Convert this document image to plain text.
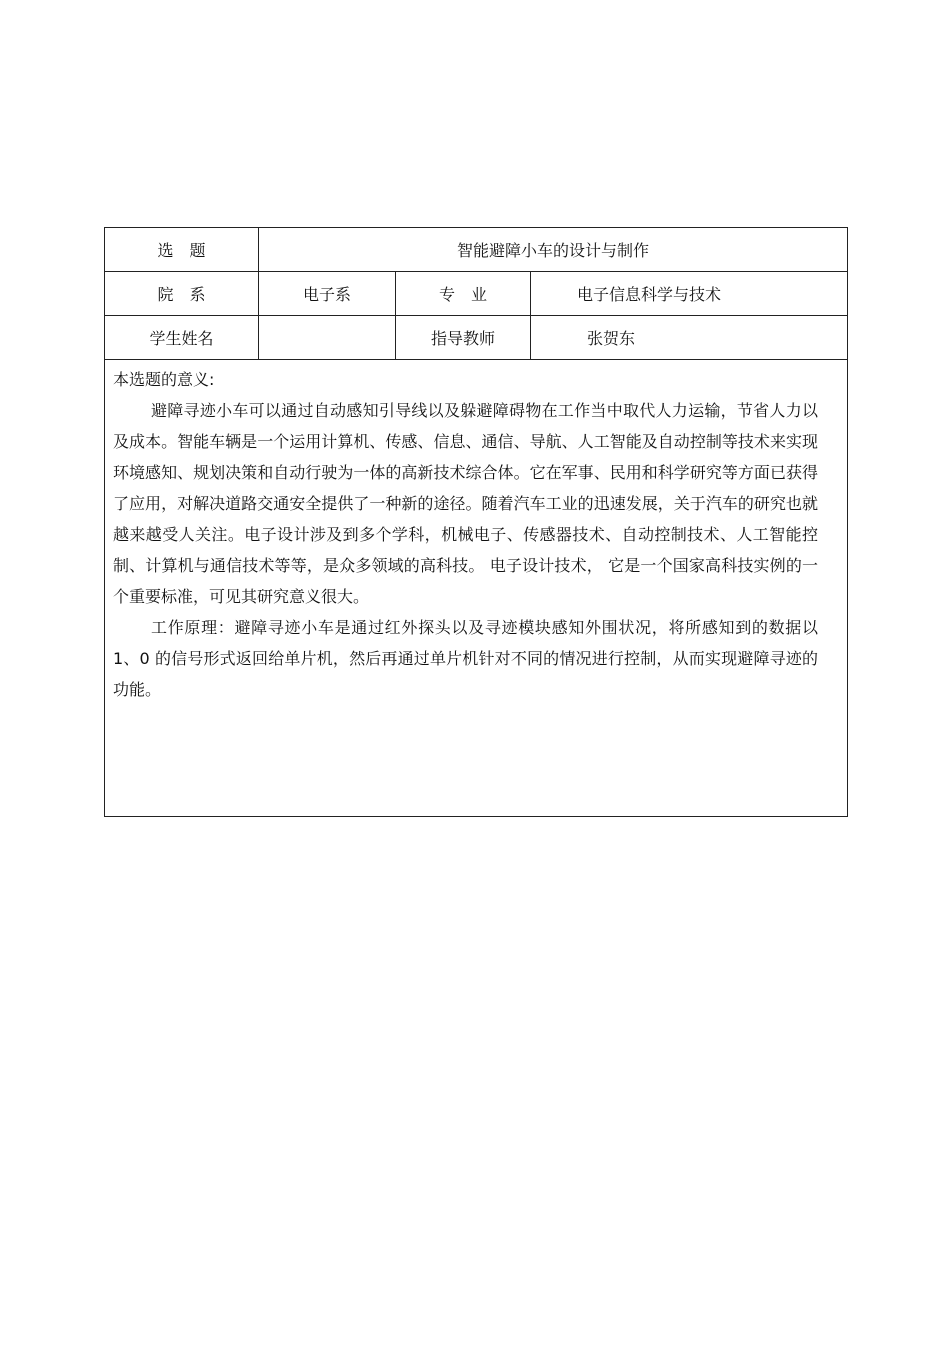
选　题	智能避障小车的设计与制作		
院　系	电子系	专　业	电子信息科学与技术
学生姓名		指导教师	张贺东

本选题的意义:

避障寻迹小车可以通过自动感知引导线以及躲避障碍物在工作当中取代人力运输，节省人力以及成本。智能车辆是一个运用计算机、传感、信息、通信、导航、人工智能及自动控制等技术来实现环境感知、规划决策和自动行驶为一体的高新技术综合体。它在军事、民用和科学研究等方面已获得了应用，对解决道路交通安全提供了一种新的途径。随着汽车工业的迅速发展，关于汽车的研究也就越来越受人关注。电子设计涉及到多个学科，机械电子、传感器技术、自动控制技术、人工智能控制、计算机与通信技术等等，是众多领域的高科技。 电子设计技术， 它是一个国家高科技实例的一个重要标准，可见其研究意义很大。

工作原理：避障寻迹小车是通过红外探头以及寻迹模块感知外围状况，将所感知到的数据以 1、0 的信号形式返回给单片机，然后再通过单片机针对不同的情况进行控制，从而实现避障寻迹的功能。			
